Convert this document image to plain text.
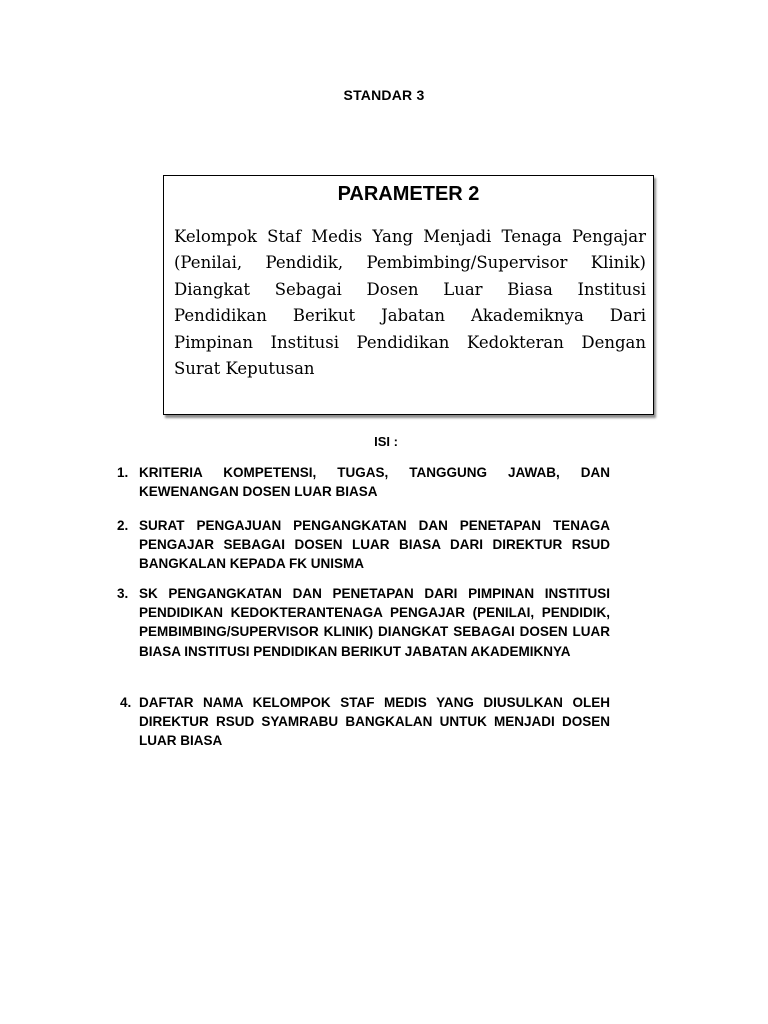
STANDAR 3
PARAMETER 2
Kelompok Staf Medis Yang Menjadi Tenaga Pengajar (Penilai, Pendidik, Pembimbing/Supervisor Klinik) Diangkat Sebagai Dosen Luar Biasa Institusi Pendidikan Berikut Jabatan Akademiknya Dari Pimpinan Institusi Pendidikan Kedokteran Dengan Surat Keputusan
ISI :
1. KRITERIA KOMPETENSI, TUGAS, TANGGUNG JAWAB, DAN KEWENANGAN DOSEN LUAR BIASA
2. SURAT PENGAJUAN PENGANGKATAN DAN PENETAPAN TENAGA PENGAJAR SEBAGAI DOSEN LUAR BIASA DARI DIREKTUR RSUD BANGKALAN KEPADA FK UNISMA
3. SK PENGANGKATAN DAN PENETAPAN DARI PIMPINAN INSTITUSI PENDIDIKAN KEDOKTERANTENAGA PENGAJAR (PENILAI, PENDIDIK, PEMBIMBING/SUPERVISOR KLINIK) DIANGKAT SEBAGAI DOSEN LUAR BIASA INSTITUSI PENDIDIKAN BERIKUT JABATAN AKADEMIKNYA
4. DAFTAR NAMA KELOMPOK STAF MEDIS YANG DIUSULKAN OLEH DIREKTUR RSUD SYAMRABU BANGKALAN UNTUK MENJADI DOSEN LUAR BIASA
